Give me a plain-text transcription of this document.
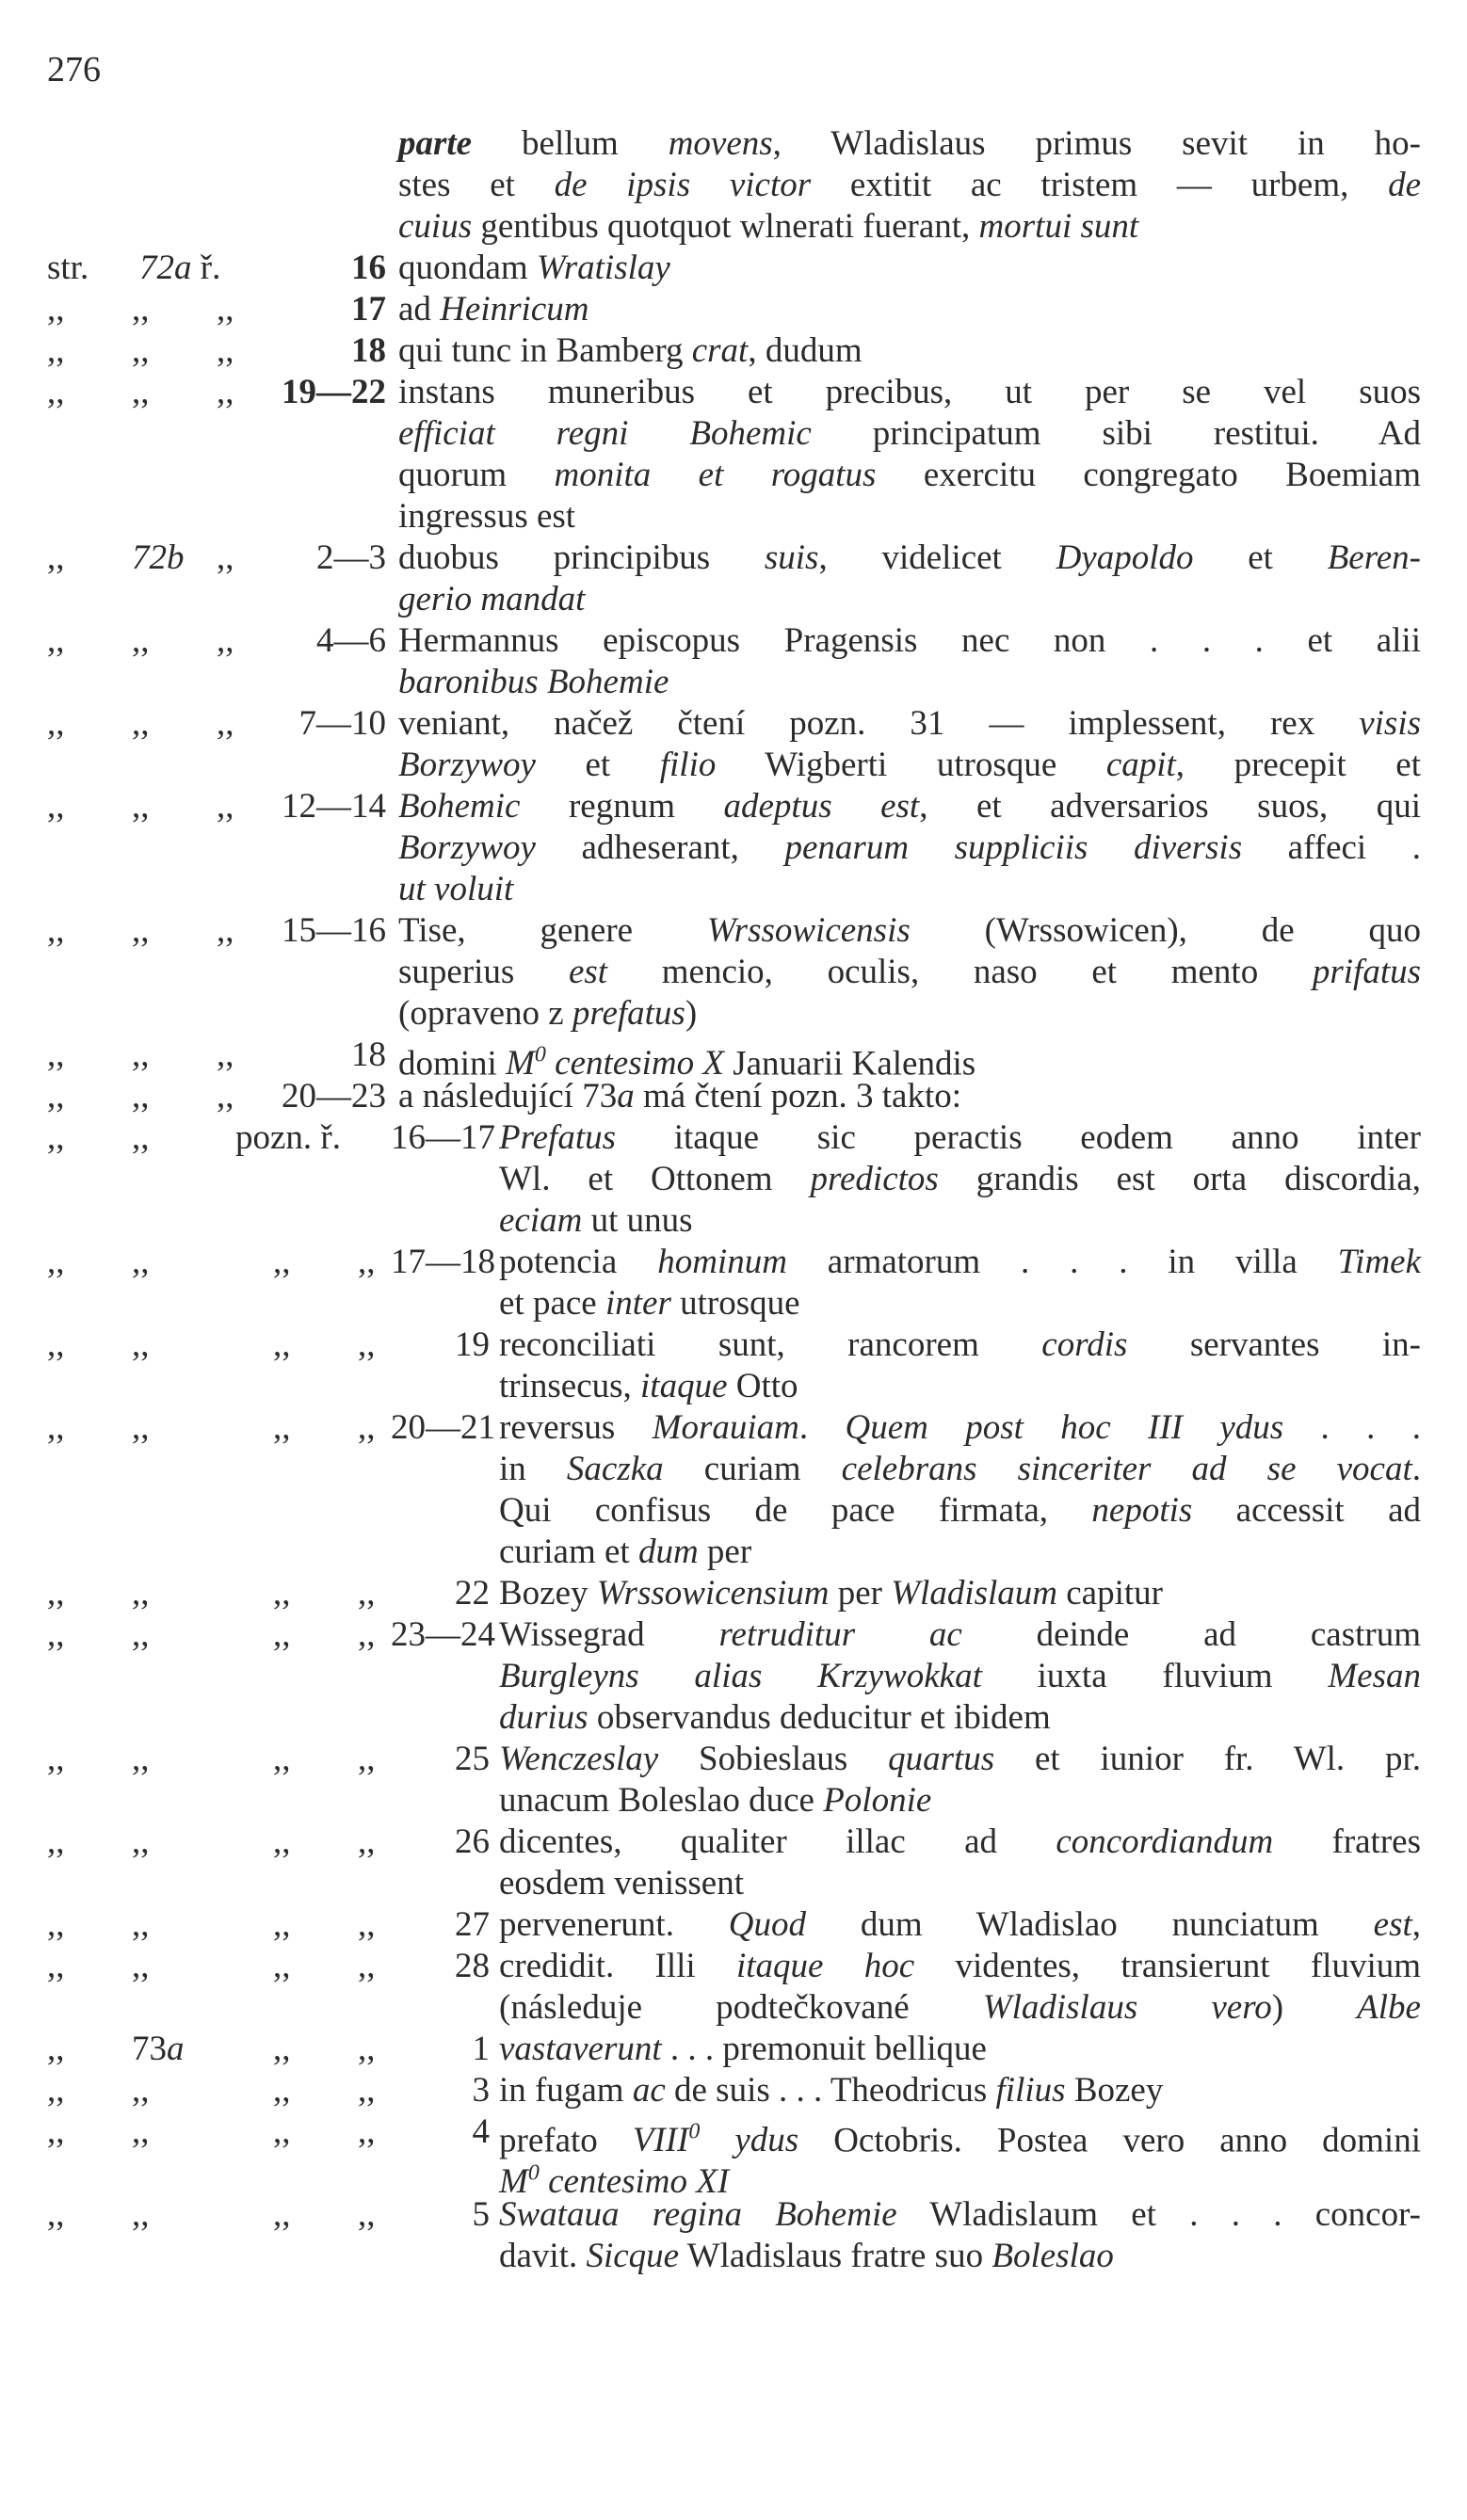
276
parte bellum movens, Wladislaus primus sevit in ho-
stes et de ipsis victor extitit ac tristem — urbem, de
cuius gentibus quotquot wlnerati fuerant, mortui sunt
str. 72a ř.	16 quondam Wratislay
,, ,, ,,	17 ad Heinricum
,, ,, ,,	18 qui tunc in Bamberg crat, dudum
,, ,, ,, 19—22 instans muneribus et precibus, ut per se vel suos
efficiat regni Bohemic principatum sibi restitui. Ad
quorum monita et rogatus exercitu congregato Boemiam
ingressus est
,, 72b ,,	2—3 duobus principibus suis, videlicet Dyapoldo et Beren-
gerio mandat
,, ,, ,,	4—6 Hermannus episcopus Pragensis nec non . . . et alii
baronibus Bohemie
,, ,, ,,	7—10 veniant, načež čtení pozn. 31 — implessent, rex visis
Borzywoy et filio Wigberti utrosque capit, precepit et
,, ,, ,, 12—14 Bohemic regnum adeptus est, et adversarios suos, qui
Borzywoy adheserant, penarum suppliciis diversis affeci .
ut voluit
,, ,, ,, 15—16 Tise, genere Wrssowicensis (Wrssowicen), de quo
superius est mencio, oculis, naso et mento prifatus
(opraveno z prefatus)
,, ,, ,,	18 domini $M^0$ centesimo X Januarii Kalendis
,, ,, ,, 20—23 a následující 73a má čtení pozn. 3 takto:
,, ,, pozn. ř. 16—17 Prefatus itaque sic peractis eodem anno inter
Wl. et Ottonem predictos grandis est orta discordia,
eciam ut unus
,, ,,	,, ,, 17—18 potencia hominum armatorum . . . in villa Timek
et pace inter utrosque
,, ,,	,, ,,	19 reconciliati sunt, rancorem cordis servantes in-
trinsecus, itaque Otto
,, ,,	,, ,, 20—21 reversus Morauiam. Quem post hoc III ydus . . .
in Saczka curiam celebrans sinceriter ad se vocat.
Qui confisus de pace firmata, nepotis accessit ad
curiam et dum per
,, ,,	,, ,,	22 Bozey Wrssowicensium per Wladislaum capitur
,, ,,	,, ,, 23—24 Wissegrad retruditur ac deinde ad castrum
Burgleyns alias Krzywokkat iuxta fluvium Mesan
durius observandus deducitur et ibidem
,, ,,	,, ,,	25 Wenczeslay Sobieslaus quartus et iunior fr. Wl. pr.
unacum Boleslao duce Polonie
,, ,,	,, ,,	26 dicentes, qualiter illac ad concordiandum fratres
eosdem venissent
,, ,,	,, ,,	27 pervenerunt. Quod dum Wladislao nunciatum est,
,, ,,	,, ,,	28 credidit. Illi itaque hoc videntes, transierunt fluvium
(následuje podtečkované Wladislaus vero) Albe
,, 73a	,, ,,	1 vastaverunt . . . premonuit bellique
,, ,,	,, ,,	3 in fugam ac de suis . . . Theodricus filius Bozey
,, ,,	,, ,,	4 prefato VIII$^0$ ydus Octobris. Postea vero anno domini
$M^0$ centesimo XI
,, ,,	,, ,,	5 Swataua regina Bohemie Wladislaum et . . . concor-
davit. Sicque Wladislaus fratre suo Boleslao
